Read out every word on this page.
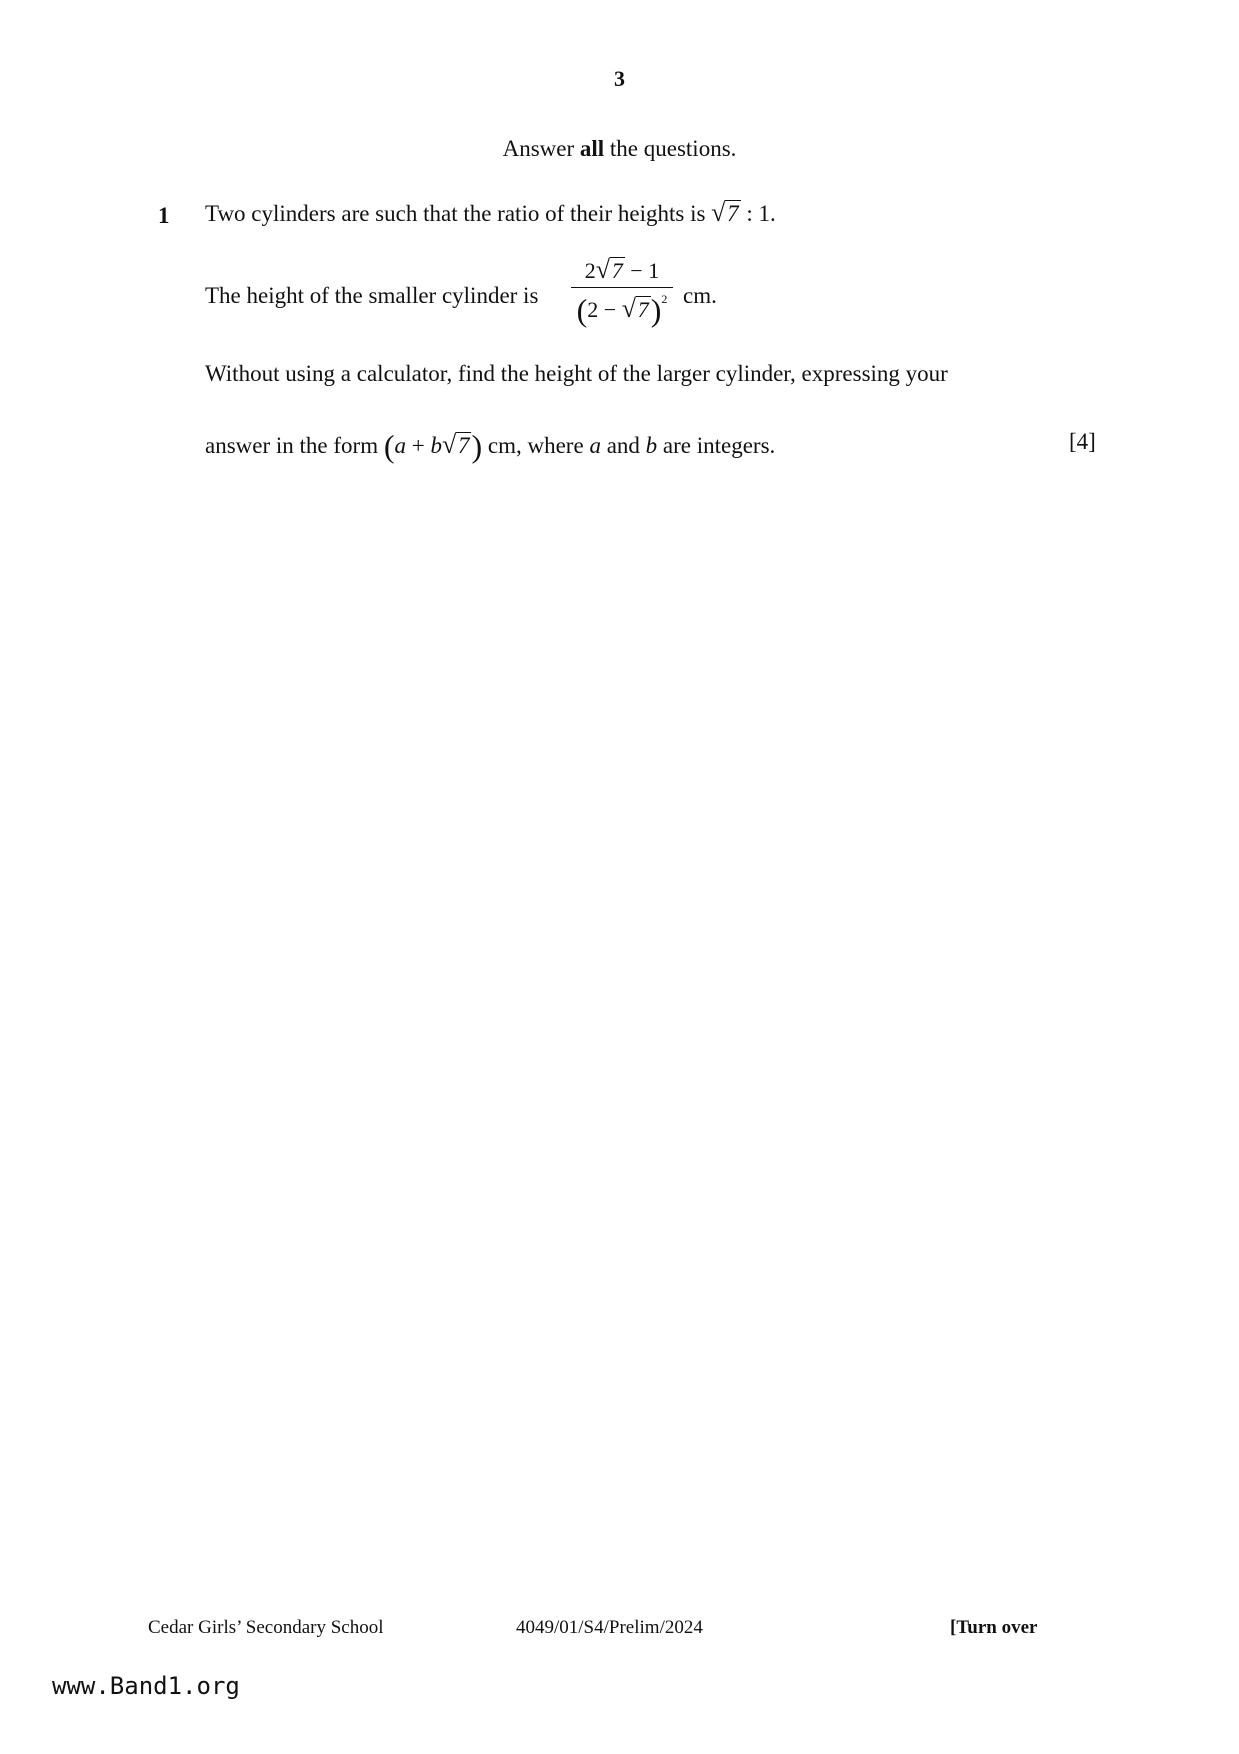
3
Answer all the questions.
1 Two cylinders are such that the ratio of their heights is √ 7 : 1.
The height of the smaller cylinder is
2 √ 7 − 1
(2 − √ 7)$^2$ cm.
Without using a calculator, find the height of the larger cylinder, expressing your
answer in the form (a + b √ 7) cm, where a and b are integers.	[4]
Cedar Girls’ Secondary School	4049/01/S4/Prelim/2024	[Turn over
www.Band1.org
